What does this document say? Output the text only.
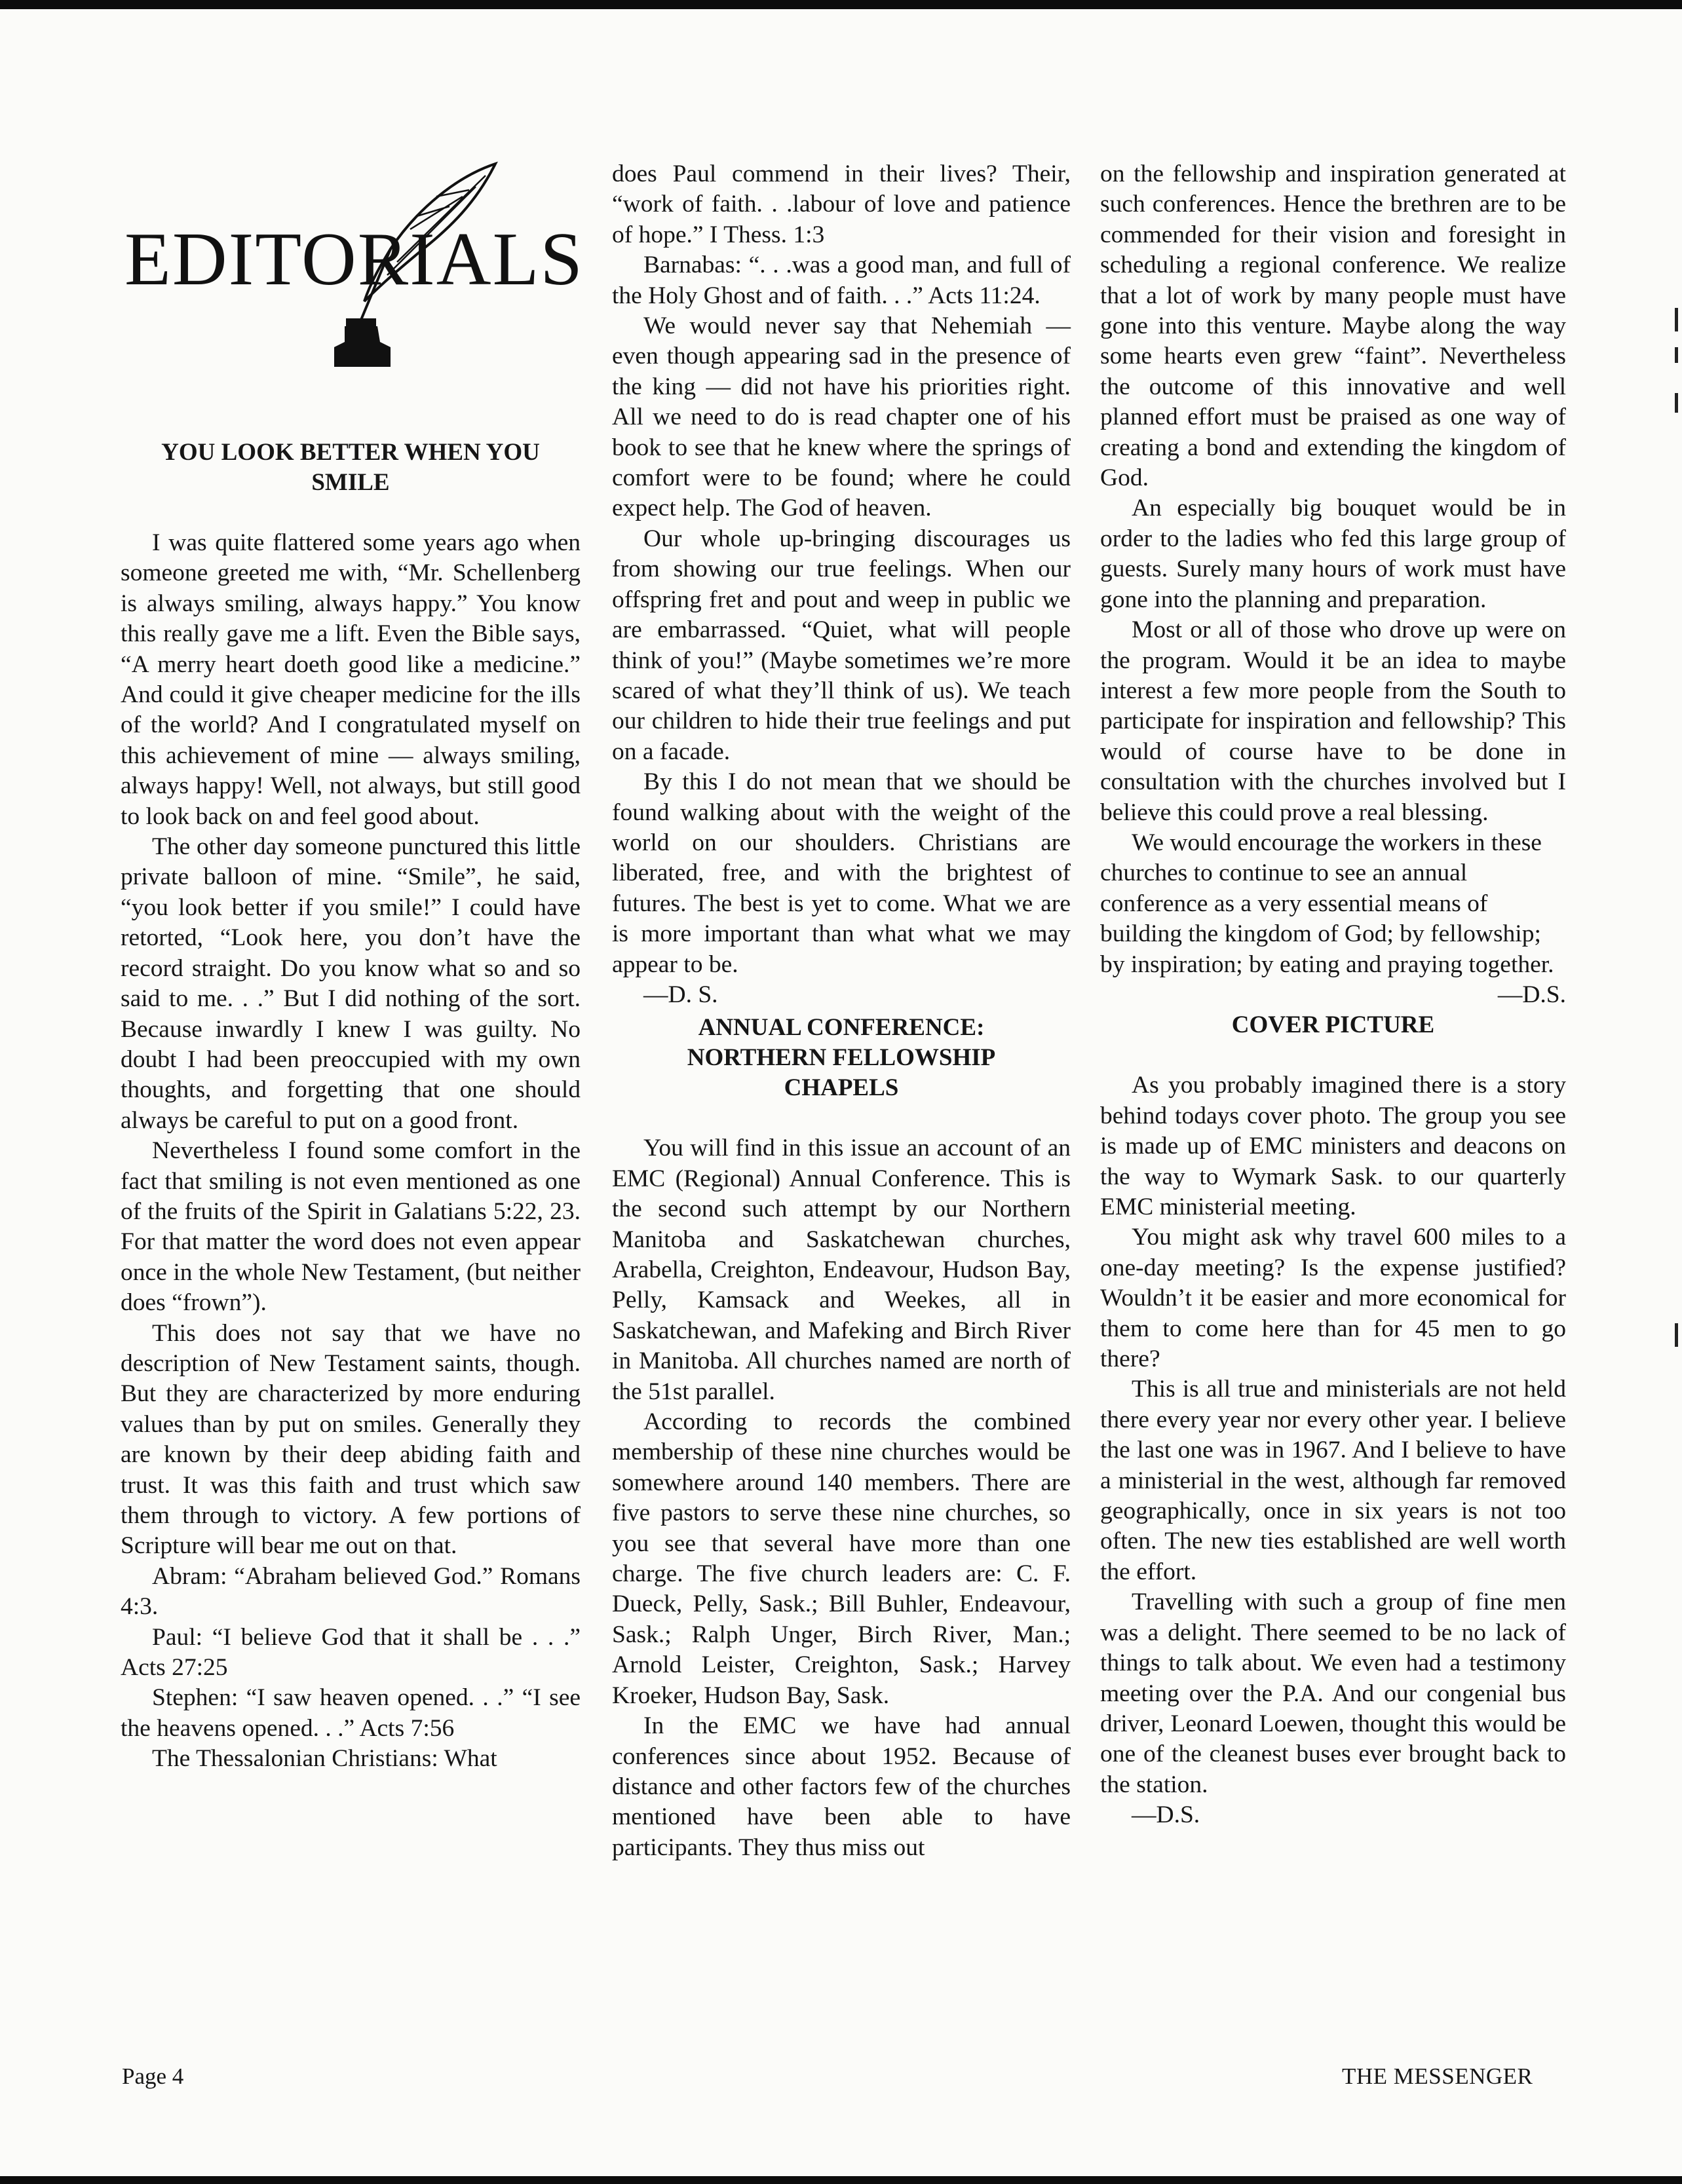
EDITORIALS
YOU LOOK BETTER WHEN YOU SMILE

I was quite flattered some years ago when someone greeted me with, “Mr. Schellenberg is always smiling, always happy.” You know this really gave me a lift. Even the Bible says, “A merry heart doeth good like a medicine.” And could it give cheaper medicine for the ills of the world? And I congratulated myself on this achievement of mine — always smiling, always happy! Well, not always, but still good to look back on and feel good about.

The other day someone punctured this little private balloon of mine. “Smile”, he said, “you look better if you smile!” I could have retorted, “Look here, you don’t have the record straight. Do you know what so and so said to me. . .” But I did nothing of the sort. Because inwardly I knew I was guilty. No doubt I had been preoccupied with my own thoughts, and forgetting that one should always be careful to put on a good front.

Nevertheless I found some comfort in the fact that smiling is not even mentioned as one of the fruits of the Spirit in Galatians 5:22, 23. For that matter the word does not even appear once in the whole New Testament, (but neither does “frown”).

This does not say that we have no description of New Testament saints, though. But they are characterized by more enduring values than by put on smiles. Generally they are known by their deep abiding faith and trust. It was this faith and trust which saw them through to victory. A few portions of Scripture will bear me out on that.

Abram: “Abraham believed God.” Romans 4:3.

Paul: “I believe God that it shall be . . .” Acts 27:25

Stephen: “I saw heaven opened. . .” “I see the heavens opened. . .” Acts 7:56

The Thessalonian Christians: What

does Paul commend in their lives? Their, “work of faith. . .labour of love and patience of hope.” I Thess. 1:3

Barnabas: “. . .was a good man, and full of the Holy Ghost and of faith. . .” Acts 11:24.

We would never say that Nehemiah — even though appearing sad in the presence of the king — did not have his priorities right. All we need to do is read chapter one of his book to see that he knew where the springs of comfort were to be found; where he could expect help. The God of heaven.

Our whole up-bringing discourages us from showing our true feelings. When our offspring fret and pout and weep in public we are embarrassed. “Quiet, what will people think of you!” (Maybe sometimes we’re more scared of what they’ll think of us). We teach our children to hide their true feelings and put on a facade.

By this I do not mean that we should be found walking about with the weight of the world on our shoulders. Christians are liberated, free, and with the brightest of futures. The best is yet to come. What we are is more important than what what we may appear to be.

—D. S.

ANNUAL CONFERENCE: NORTHERN FELLOWSHIP CHAPELS

You will find in this issue an account of an EMC (Regional) Annual Conference. This is the second such attempt by our Northern Manitoba and Saskatchewan churches, Arabella, Creighton, Endeavour, Hudson Bay, Pelly, Kamsack and Weekes, all in Saskatchewan, and Mafeking and Birch River in Manitoba. All churches named are north of the 51st parallel.

According to records the combined membership of these nine churches would be somewhere around 140 members. There are five pastors to serve these nine churches, so you see that several have more than one charge. The five church leaders are: C. F. Dueck, Pelly, Sask.; Bill Buhler, Endeavour, Sask.; Ralph Unger, Birch River, Man.; Arnold Leister, Creighton, Sask.; Harvey Kroeker, Hudson Bay, Sask.

In the EMC we have had annual conferences since about 1952. Because of distance and other factors few of the churches mentioned have been able to have participants. They thus miss out

on the fellowship and inspiration generated at such conferences. Hence the brethren are to be commended for their vision and foresight in scheduling a regional conference. We realize that a lot of work by many people must have gone into this venture. Maybe along the way some hearts even grew “faint”. Nevertheless the outcome of this innovative and well planned effort must be praised as one way of creating a bond and extending the kingdom of God.

An especially big bouquet would be in order to the ladies who fed this large group of guests. Surely many hours of work must have gone into the planning and preparation.

Most or all of those who drove up were on the program. Would it be an idea to maybe interest a few more people from the South to participate for inspiration and fellowship? This would of course have to be done in consultation with the churches involved but I believe this could prove a real blessing.

We would encourage the workers in these churches to continue to see an annual conference as a very essential means of building the kingdom of God; by fellowship; by inspiration; by eating and praying together.
—D.S.

COVER PICTURE

As you probably imagined there is a story behind todays cover photo. The group you see is made up of EMC ministers and deacons on the way to Wymark Sask. to our quarterly EMC ministerial meeting.

You might ask why travel 600 miles to a one-day meeting? Is the expense justified? Wouldn’t it be easier and more economical for them to come here than for 45 men to go there?

This is all true and ministerials are not held there every year nor every other year. I believe the last one was in 1967. And I believe to have a ministerial in the west, although far removed geographically, once in six years is not too often. The new ties established are well worth the effort.

Travelling with such a group of fine men was a delight. There seemed to be no lack of things to talk about. We even had a testimony meeting over the P.A. And our congenial bus driver, Leonard Loewen, thought this would be one of the cleanest buses ever brought back to the station.

—D.S.

Page 4	THE MESSENGER
